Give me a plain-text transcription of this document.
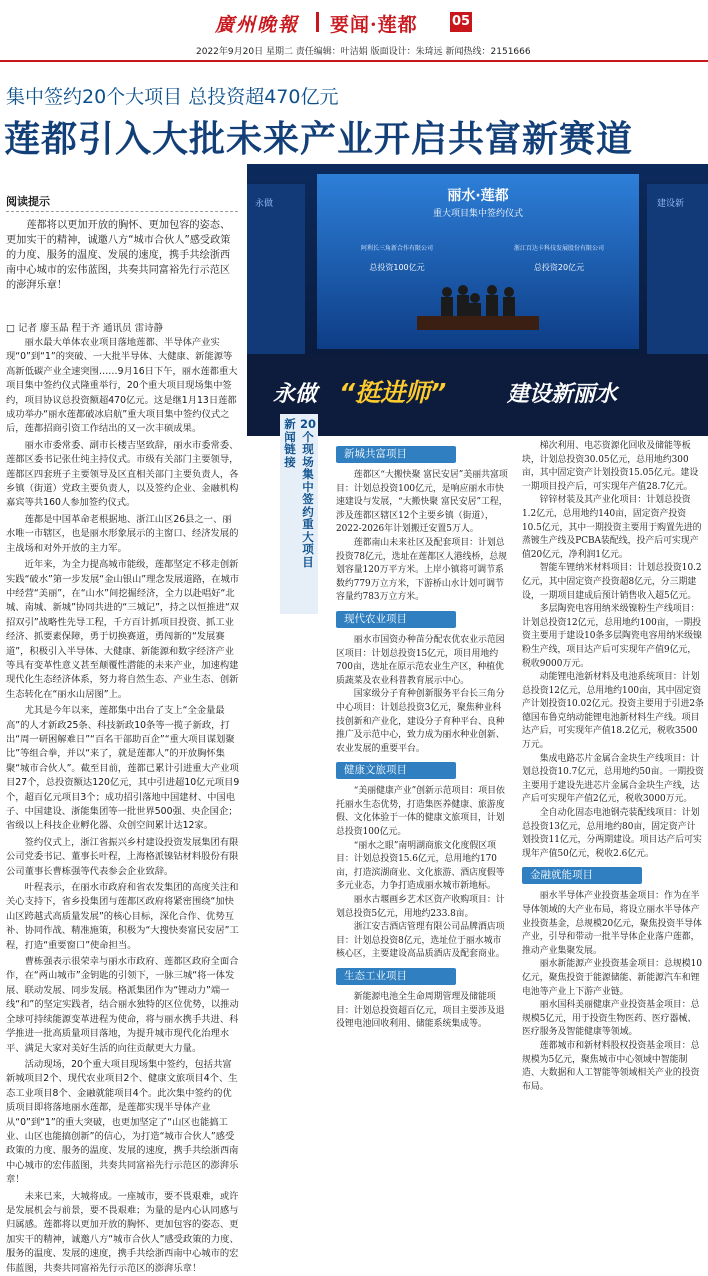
廣州晚報 要闻·莲都	05
2022年9月20日 星期二 责任编辑：叶洁娟 版面设计：朱琦远 新闻热线：2151666
集中签约20个大项目 总投资超470亿元
莲都引入大批未来产业开启共富新赛道
阅读提示
莲都将以更加开放的胸怀、更加包容的姿态、更加实干的精神，诚邀八方“城市合伙人”感受政策的力度、服务的温度、发展的速度，携手共绘浙西南中心城市的宏伟蓝图，共奏共同富裕先行示范区的澎湃乐章！
永做	建设新
丽水·莲都
重大项目集中签约仪式
阿利长三角新合作有限公司	浙江百达卡科技发展股份有限公司
总投资100亿元	总投资20亿元
永做 “挺进师”	建设新丽水
□ 记者 廖玉晶 程于齐 通讯员 雷诗静

丽水最大单体农业项目落地莲都、半导体产业实现“0”到“1”的突破、一大批半导体、大健康、新能源等高新低碳产业全速突围……9月16日下午，丽水莲都重大项目集中签约仪式隆重举行，20个重大项目现场集中签约，项目协议总投资额超470亿元。这是继1月13日莲都成功举办“丽水莲都破冰启航”重大项目集中签约仪式之后，莲都招商引资工作结出的又一次丰硕成果。

丽水市委常委、副市长楼吉坚致辞，丽水市委常委、莲都区委书记张仕纯主持仪式。市级有关部门主要领导，莲都区四套班子主要领导及区直相关部门主要负责人，各乡镇（街道）党政主要负责人，以及签约企业、金融机构嘉宾等共160人参加签约仪式。

莲都是中国革命老根据地、浙江山区26县之一、丽水唯一市辖区，也是丽水形象展示的主窗口、经济发展的主战场和对外开放的主力军。

近年来，为全力提高城市能级，莲都坚定不移走创新实践“破水”第一步发展“金山银山”理念发展道路，在城市中经营“美丽”，在“山水”间挖掘经济，全力以赴唱好“北城、南城、新城”协同共进的“三城记”，持之以恒推进“双招双引”战略性先导工程，千方百计抓项目投资、抓工业经济、抓要素保障，勇于切换赛道，勇闯新的“发展赛道”，积极引入半导体、大健康、新能源和数字经济产业等具有变革性意义甚至颠覆性潜能的未来产业，加速构建现代化生态经济体系，努力将自然生态、产业生态、创新生态转化在“丽水山居图”上。

尤其是今年以来，莲都集中出台了支上“全金量最高”的人才新政25条、科技新政10条等一揽子新政，打出“周一研困解难日”“百名干部助百企”“重大项目谋划聚比”等组合拳，并以“来了，就是莲都人”的开放胸怀集聚“城市合伙人”。截至目前，莲都已累计引进重大产业项目27个，总投资额达120亿元，其中引进超10亿元项目9个，超百亿元项目3个；成功招引落地中国建材、中国电子、中国建设、浙能集团等一批世界500强、央企国企；省级以上科技企业孵化器、众创空间累计达12家。

签约仪式上，浙江省振兴乡村建设投资发展集团有限公司党委书记、董事长叶程，上海格派镍钴材料股份有限公司董事长曹栋强等代表参会企业致辞。

叶程表示，在丽水市政府和省农发集团的高度关注和关心支持下，省乡投集团与莲都区政府将紧密围绕“加快山区跨越式高质量发展”的核心目标，深化合作、优势互补、协同作战、精准施策，积极为“大搜快奏富民安居”工程，打造“重要窗口”使命担当。

曹栋强表示很荣幸与丽水市政府、莲都区政府全面合作，在“两山城市”金钥匙的引领下，一脉三城“将一体发展、联动发展、同步发展。格派集团作为“锂动力”端一线“和”的坚定实践者，结合丽水独特的区位优势，以推动全球可持续能源变革进程为使命，将与丽水携手共进、科学推进一批高质量项目落地，为提升城市现代化治理水平、满足大家对美好生活的向往贡献更大力量。

活动现场，20个重大项目现场集中签约，包括共富新城项目2个、现代农业项目2个、健康文旅项目4个、生态工业项目8个、金融就能项目4个。此次集中签约的优质项目即将落地丽水莲都，是莲都实现半导体产业从“0”到“1”的重大突破，也更加坚定了“山区也能搞工业、山区也能搞创新”的信心，为打造“城市合伙人”感受政策的力度、服务的温度、发展的速度，携手共绘浙西南中心城市的宏伟蓝图，共奏共同富裕先行示范区的澎湃乐章！

未来已来，大城将成。一座城市，要不畏艰难，或许是发展机会与前景，要不畏艰难；为量的是内心认同感与归属感。莲都将以更加开放的胸怀、更加包容的姿态、更加实干的精神，诚邀八方“城市合伙人”感受政策的力度、服务的温度、发展的速度，携手共绘浙西南中心城市的宏伟蓝图，共奏共同富裕先行示范区的澎湃乐章！

新闻链接
20个现场集中签约重大项目
新城共富项目

莲都区“大搬快聚 富民安居”美丽共富项目：计划总投资100亿元，是响应丽水市快速建设与发展，“大搬快聚 富民安居”工程，涉及莲都区辖区12个主要乡镇（街道），2022-2026年计划搬迁安置5万人。

莲都南山未来社区及配套项目：计划总投资78亿元，选址在莲都区人港线桥，总规划容量120万平方米。上岸小镇将可调节系数约779万立方米，下游桥山水计划可调节容量约783万立方米。

现代农业项目

丽水市国资办种苗分配农优农业示范园区项目：计划总投资15亿元，项目用地约700亩，选址在原示范农业生产区，种植优质蔬菜及农业科普教育展示中心。

国家级分子育种创新服务平台长三角分中心项目：计划总投资3亿元，聚焦种业科技创新和产业化，建设分子育种平台、良种推广及示范中心，致力成为丽水种业创新、农业发展的重要平台。

健康文旅项目

“美丽健康产业”创新示范项目：项目依托丽水生态优势，打造集医养健康、旅游度假、文化体验于一体的健康文旅项目，计划总投资100亿元。

“丽水之眼”南明湖商旅文化度假区项目：计划总投资15.6亿元，总用地约170亩，打造滨湖商业、文化旅游、酒店度假等多元业态，力争打造成丽水城市新地标。

丽水古堰画乡艺术区资产收购项目：计划总投资5亿元，用地约233.8亩。

浙江安吉酒店管理有限公司品牌酒店项目：计划总投资8亿元，选址位于丽水城市核心区，主要建设高品质酒店及配套商业。

生态工业项目

新能源电池全生命周期管理及储能项目：计划总投资超百亿元，项目主要涉及退役锂电池回收利用、储能系统集成等。

梯次利用、电芯资源化回收及储能等板块，计划总投资30.05亿元，总用地约300亩，其中固定资产计划投资15.05亿元。建设一期项目投产后，可实现年产值28.7亿元。

锌锌材装及其产业化项目：计划总投资1.2亿元，总用地约140亩，固定资产投资10.5亿元，其中一期投资主要用于购置先进的蒸镀生产线及PCBA装配线，投产后可实现产值20亿元，净利润1亿元。

智能车锂纳米材料项目：计划总投资10.2亿元，其中固定资产投资超8亿元，分三期建设，一期项目建成后预计销售收入超5亿元。

多层陶瓷电容用纳米级镍粉生产线项目：计划总投资12亿元，总用地约100亩，一期投资主要用于建设10条多层陶瓷电容用纳米级镍粉生产线，项目达产后可实现年产值9亿元，税收9000万元。

动能锂电池新材料及电池系统项目：计划总投资12亿元，总用地约100亩，其中固定资产计划投资10.02亿元。投资主要用于引进2条德国布鲁克纳动能锂电池新材料生产线。项目达产后，可实现年产值18.2亿元，税收3500万元。

集成电路芯片金属合金块生产线项目：计划总投资10.7亿元，总用地约50亩。一期投资主要用于建设先进芯片金属合金块生产线，达产后可实现年产值2亿元，税收3000万元。

全自动化固态电池钢壳装配线项目：计划总投资13亿元，总用地约80亩，固定资产计划投资11亿元，分两期建设。项目达产后可实现年产值50亿元，税收2.6亿元。

金融就能项目

丽水半导体产业投资基金项目：作为在半导体领域的大产业布局，将设立丽水半导体产业投资基金，总规模20亿元，聚焦投资半导体产业，引导和带动一批半导体企业落户莲都，推动产业集聚发展。

丽水新能源产业投资基金项目：总规模10亿元，聚焦投资于能源储能、新能源汽车和锂电池等产业上下游产业链。

丽水国科美丽健康产业投资基金项目：总规模5亿元，用于投资生物医药、医疗器械、医疗服务及智能健康等领域。

莲都城市和新材料股权投资基金项目：总规模为5亿元，聚焦城市中心领域中智能制造、大数据和人工智能等领域相关产业的投资布局。
